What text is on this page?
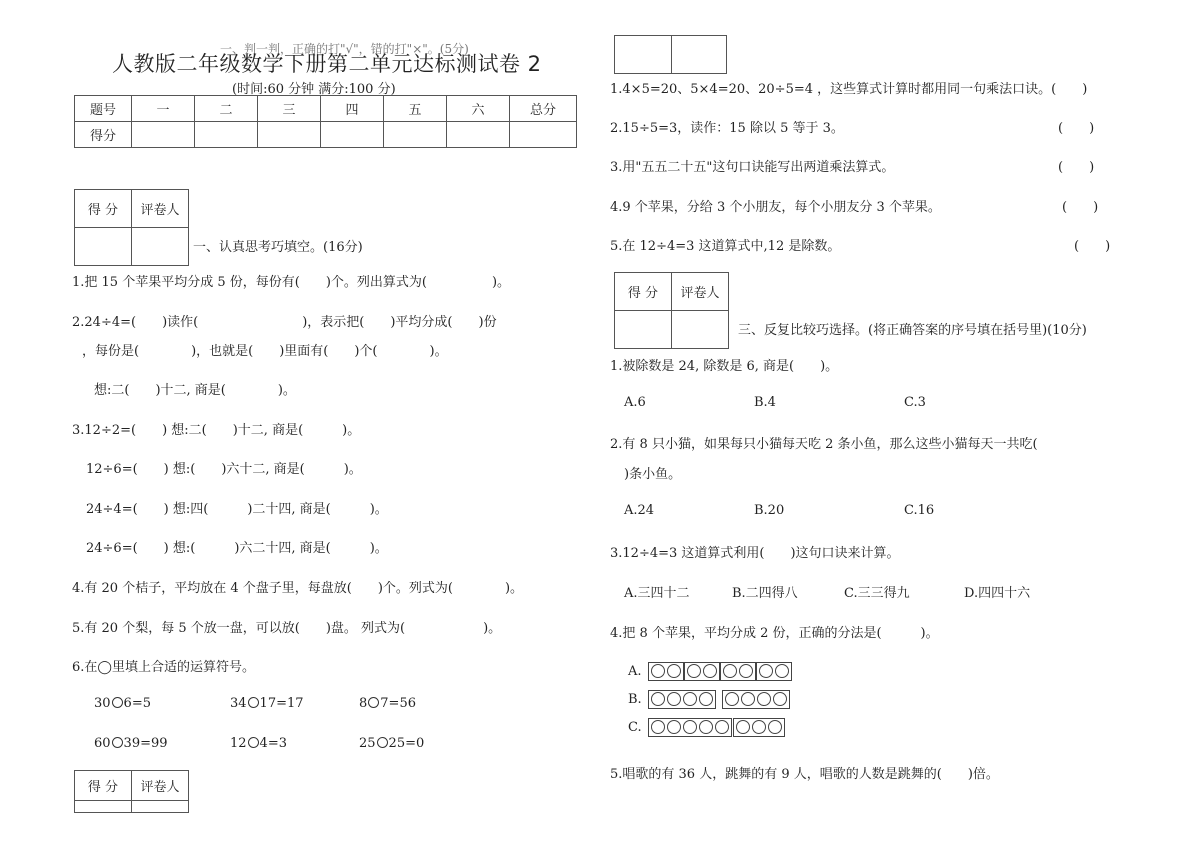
一、判一判，正确的打"√"，错的打"×"。(5分)
人教版二年级数学下册第二单元达标测试卷 2
(时间:60 分钟 满分:100 分)
题号	一	二	三	四	五	六	总分
得分							
得 分	评卷人

一、认真思考巧填空。(16分)
1.把 15 个苹果平均分成 5 份，每份有(　　)个。列出算式为(　　　　　)。
2.24÷4=(　　)读作(　　　　　　　　)，表示把(　　)平均分成(　　)份
，每份是(　　　　)，也就是(　　)里面有(　　)个(　　　　)。
想:二(　　)十二, 商是(　　　　)。
3.12÷2=(　　) 想:二(　　)十二, 商是(　　　)。
12÷6=(　　) 想:(　　)六十二, 商是(　　　)。
24÷4=(　　) 想:四(　　　)二十四, 商是(　　　)。
24÷6=(　　) 想:(　　　)六二十四, 商是(　　　)。
4.有 20 个桔子，平均放在 4 个盘子里，每盘放(　　)个。列式为(　　　　)。
5.有 20 个梨，每 5 个放一盘，可以放(　　)盘。 列式为(　　　　　　)。
6.在◯里填上合适的运算符号。
30 6=5	34 17=17	8 7=56
60 39=99	12 4=3	25 25=0
得 分	评卷人

1.4×5=20、5×4=20、20÷5=4 ，这些算式计算时都用同一句乘法口诀。(　　)
2.15÷5=3，读作：15 除以 5 等于 3。	(　　)
3.用"五五二十五"这句口诀能写出两道乘法算式。	(　　)
4.9 个苹果，分给 3 个小朋友，每个小朋友分 3 个苹果。	(　　)
5.在 12÷4=3 这道算式中,12 是除数。	(　　)
得 分	评卷人

三、反复比较巧选择。(将正确答案的序号填在括号里)(10分)
1.被除数是 24, 除数是 6, 商是(　　)。
A.6	B.4	C.3
2.有 8 只小猫，如果每只小猫每天吃 2 条小鱼，那么这些小猫每天一共吃(
)条小鱼。
A.24	B.20	C.16
3.12÷4=3 这道算式利用(　　)这句口诀来计算。
A.三四十二	B.二四得八	C.三三得九	D.四四十六
4.把 8 个苹果，平均分成 2 份，正确的分法是(　　　)。
A.
B.
C.
5.唱歌的有 36 人，跳舞的有 9 人，唱歌的人数是跳舞的(　　)倍。
